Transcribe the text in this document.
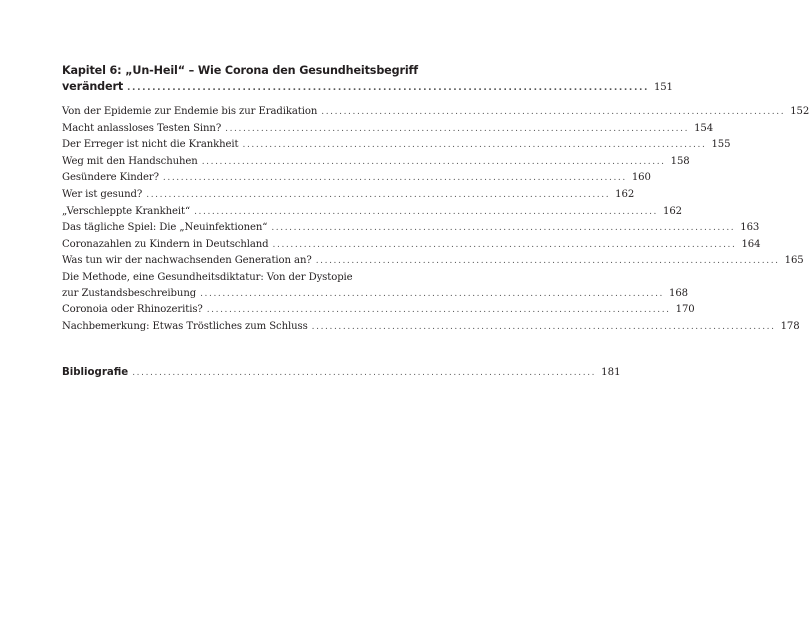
Kapitel 6: „Un-Heil“ – Wie Corona den Gesundheitsbegriff
verändert ........................................................................................................ 151
Von der Epidemie zur Endemie bis zur Eradikation ........................................................................................................ 152
Macht anlassloses Testen Sinn? ........................................................................................................ 154
Der Erreger ist nicht die Krankheit ........................................................................................................ 155
Weg mit den Handschuhen ........................................................................................................ 158
Gesündere Kinder? ........................................................................................................ 160
Wer ist gesund? ........................................................................................................ 162
„Verschleppte Krankheit“ ........................................................................................................ 162
Das tägliche Spiel: Die „Neuinfektionen“ ........................................................................................................ 163
Coronazahlen zu Kindern in Deutschland ........................................................................................................ 164
Was tun wir der nachwachsenden Generation an? ........................................................................................................ 165
Die Methode, eine Gesundheitsdiktatur: Von der Dystopie
zur Zustandsbeschreibung ........................................................................................................ 168
Coronoia oder Rhinozeritis? ........................................................................................................ 170
Nachbemerkung: Etwas Tröstliches zum Schluss ........................................................................................................ 178
Bibliografie ........................................................................................................ 181
